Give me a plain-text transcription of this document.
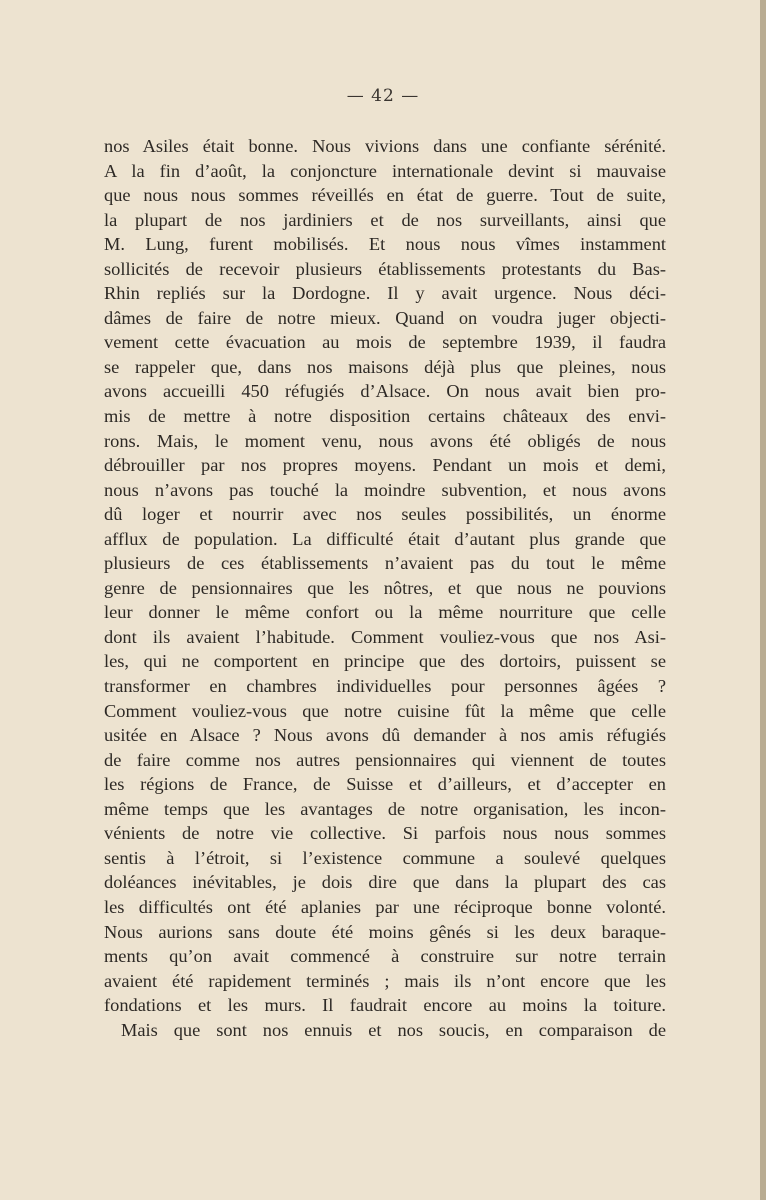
— 42 —
nos Asiles était bonne. Nous vivions dans une confiante sérénité.
A la fin d’août, la conjoncture internationale devint si mauvaise
que nous nous sommes réveillés en état de guerre. Tout de suite,
la plupart de nos jardiniers et de nos surveillants, ainsi que
M. Lung, furent mobilisés. Et nous nous vîmes instamment
sollicités de recevoir plusieurs établissements protestants du Bas-
Rhin repliés sur la Dordogne. Il y avait urgence. Nous déci-
dâmes de faire de notre mieux. Quand on voudra juger objecti-
vement cette évacuation au mois de septembre 1939, il faudra
se rappeler que, dans nos maisons déjà plus que pleines, nous
avons accueilli 450 réfugiés d’Alsace. On nous avait bien pro-
mis de mettre à notre disposition certains châteaux des envi-
rons. Mais, le moment venu, nous avons été obligés de nous
débrouiller par nos propres moyens. Pendant un mois et demi,
nous n’avons pas touché la moindre subvention, et nous avons
dû loger et nourrir avec nos seules possibilités, un énorme
afflux de population. La difficulté était d’autant plus grande que
plusieurs de ces établissements n’avaient pas du tout le même
genre de pensionnaires que les nôtres, et que nous ne pouvions
leur donner le même confort ou la même nourriture que celle
dont ils avaient l’habitude. Comment vouliez-vous que nos Asi-
les, qui ne comportent en principe que des dortoirs, puissent se
transformer en chambres individuelles pour personnes âgées ?
Comment vouliez-vous que notre cuisine fût la même que celle
usitée en Alsace ? Nous avons dû demander à nos amis réfugiés
de faire comme nos autres pensionnaires qui viennent de toutes
les régions de France, de Suisse et d’ailleurs, et d’accepter en
même temps que les avantages de notre organisation, les incon-
vénients de notre vie collective. Si parfois nous nous sommes
sentis à l’étroit, si l’existence commune a soulevé quelques
doléances inévitables, je dois dire que dans la plupart des cas
les difficultés ont été aplanies par une réciproque bonne volonté.
Nous aurions sans doute été moins gênés si les deux baraque-
ments qu’on avait commencé à construire sur notre terrain
avaient été rapidement terminés ; mais ils n’ont encore que les
fondations et les murs. Il faudrait encore au moins la toiture.
Mais que sont nos ennuis et nos soucis, en comparaison de
